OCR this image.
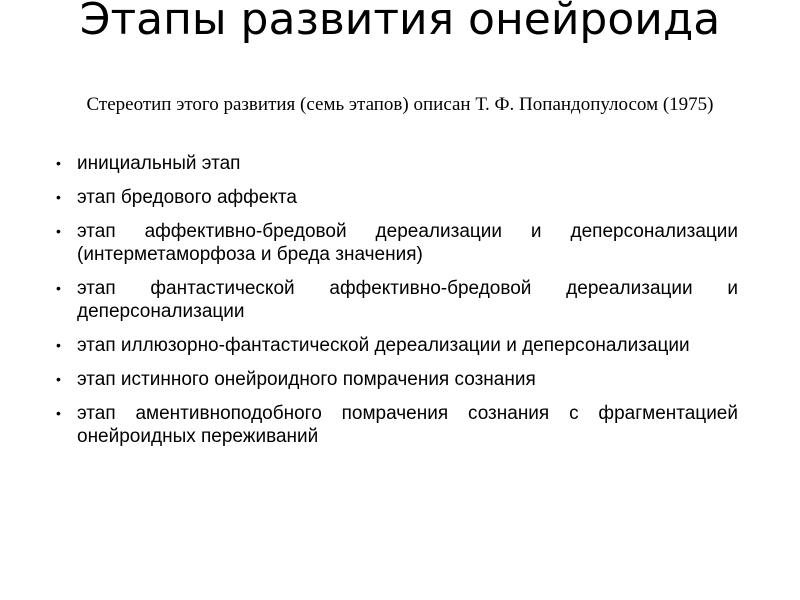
Этапы развития онейроида

Стереотип этого развития (семь этапов) описан Т. Ф. Попандопулосом (1975)

• инициальный этап
• этап бредового аффекта
• этап аффективно-бредовой дереализации и деперсонализации (интерметаморфоза и бреда значения)
• этап фантастической аффективно-бредовой дереализации и деперсонализации
• этап иллюзорно-фантастической дереализации и деперсонализации
• этап истинного онейроидного помрачения сознания
• этап аментивноподобного помрачения сознания с фрагментацией онейроидных переживаний
